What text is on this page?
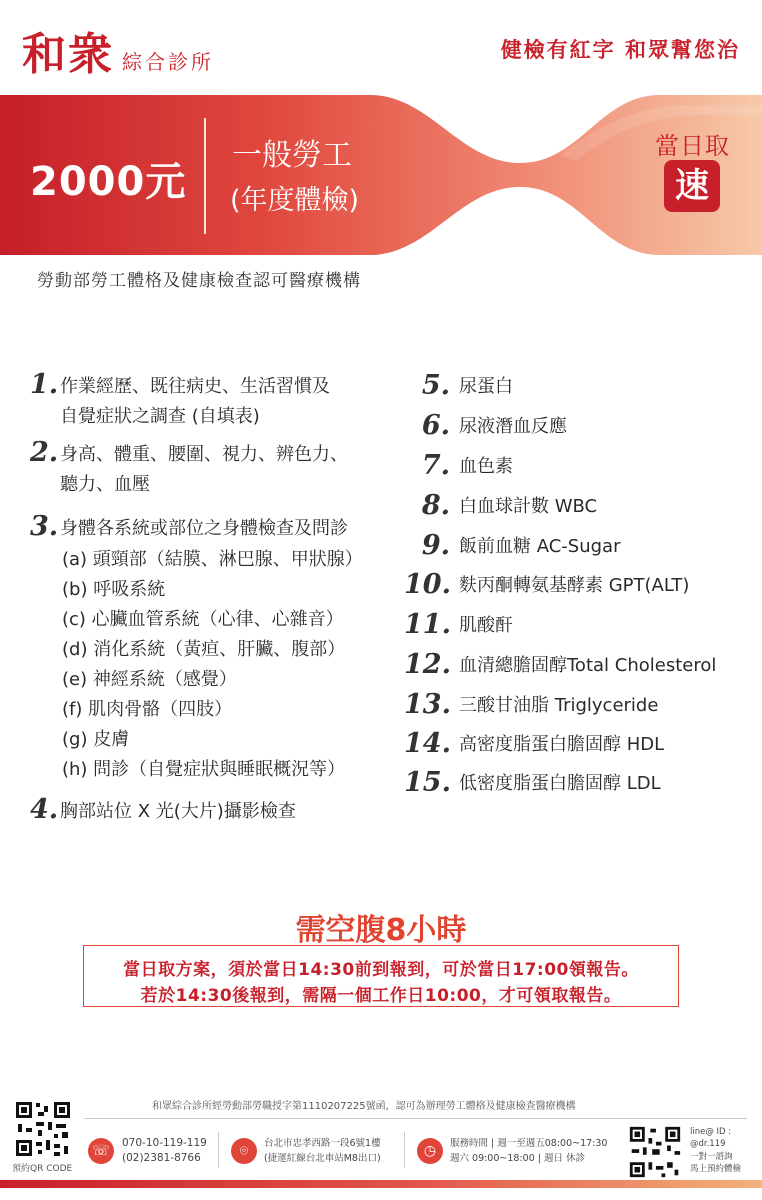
和衆 綜合診所	健檢有紅字 和眾幫您治
2000元
一般勞工
(年度體檢)
當日取
速
勞動部勞工體格及健康檢查認可醫療機構
1. 作業經歷、既往病史、生活習慣及
自覺症狀之調查 (自填表)
2. 身高、體重、腰圍、視力、辨色力、
聽力、血壓
3. 身體各系統或部位之身體檢查及問診
(a) 頭頸部（結膜、淋巴腺、甲狀腺）
(b) 呼吸系統
(c) 心臟血管系統（心律、心雜音）
(d) 消化系統（黃疸、肝臟、腹部）
(e) 神經系統（感覺）
(f) 肌肉骨骼（四肢）
(g) 皮膚
(h) 問診（自覺症狀與睡眠概況等）
4. 胸部站位 X 光(大片)攝影檢查
5. 尿蛋白
6. 尿液潛血反應
7. 血色素
8. 白血球計數 WBC
9. 飯前血糖 AC-Sugar
10. 麩丙酮轉氨基酵素 GPT(ALT)
11. 肌酸酐
12. 血清總膽固醇Total Cholesterol
13. 三酸甘油脂 Triglyceride
14. 高密度脂蛋白膽固醇 HDL
15. 低密度脂蛋白膽固醇 LDL
需空腹8小時
當日取方案，須於當日14:30前到報到，可於當日17:00領報告。
若於14:30後報到，需隔一個工作日10:00，才可領取報告。
預約QR CODE
和眾綜合診所經勞動部勞職授字第1110207225號函，認可為辦理勞工體格及健康檢查醫療機構
☏	070-10-119-119
(02)2381-8766	⌾	台北市忠孝西路一段6號1樓
(捷運紅線台北車站M8出口)	◷	服務時間 | 週一至週五08:00~17:30
週六 09:00~18:00 | 週日 休診
line@ ID :
@dr.119
一對一諮詢
馬上預約體檢
